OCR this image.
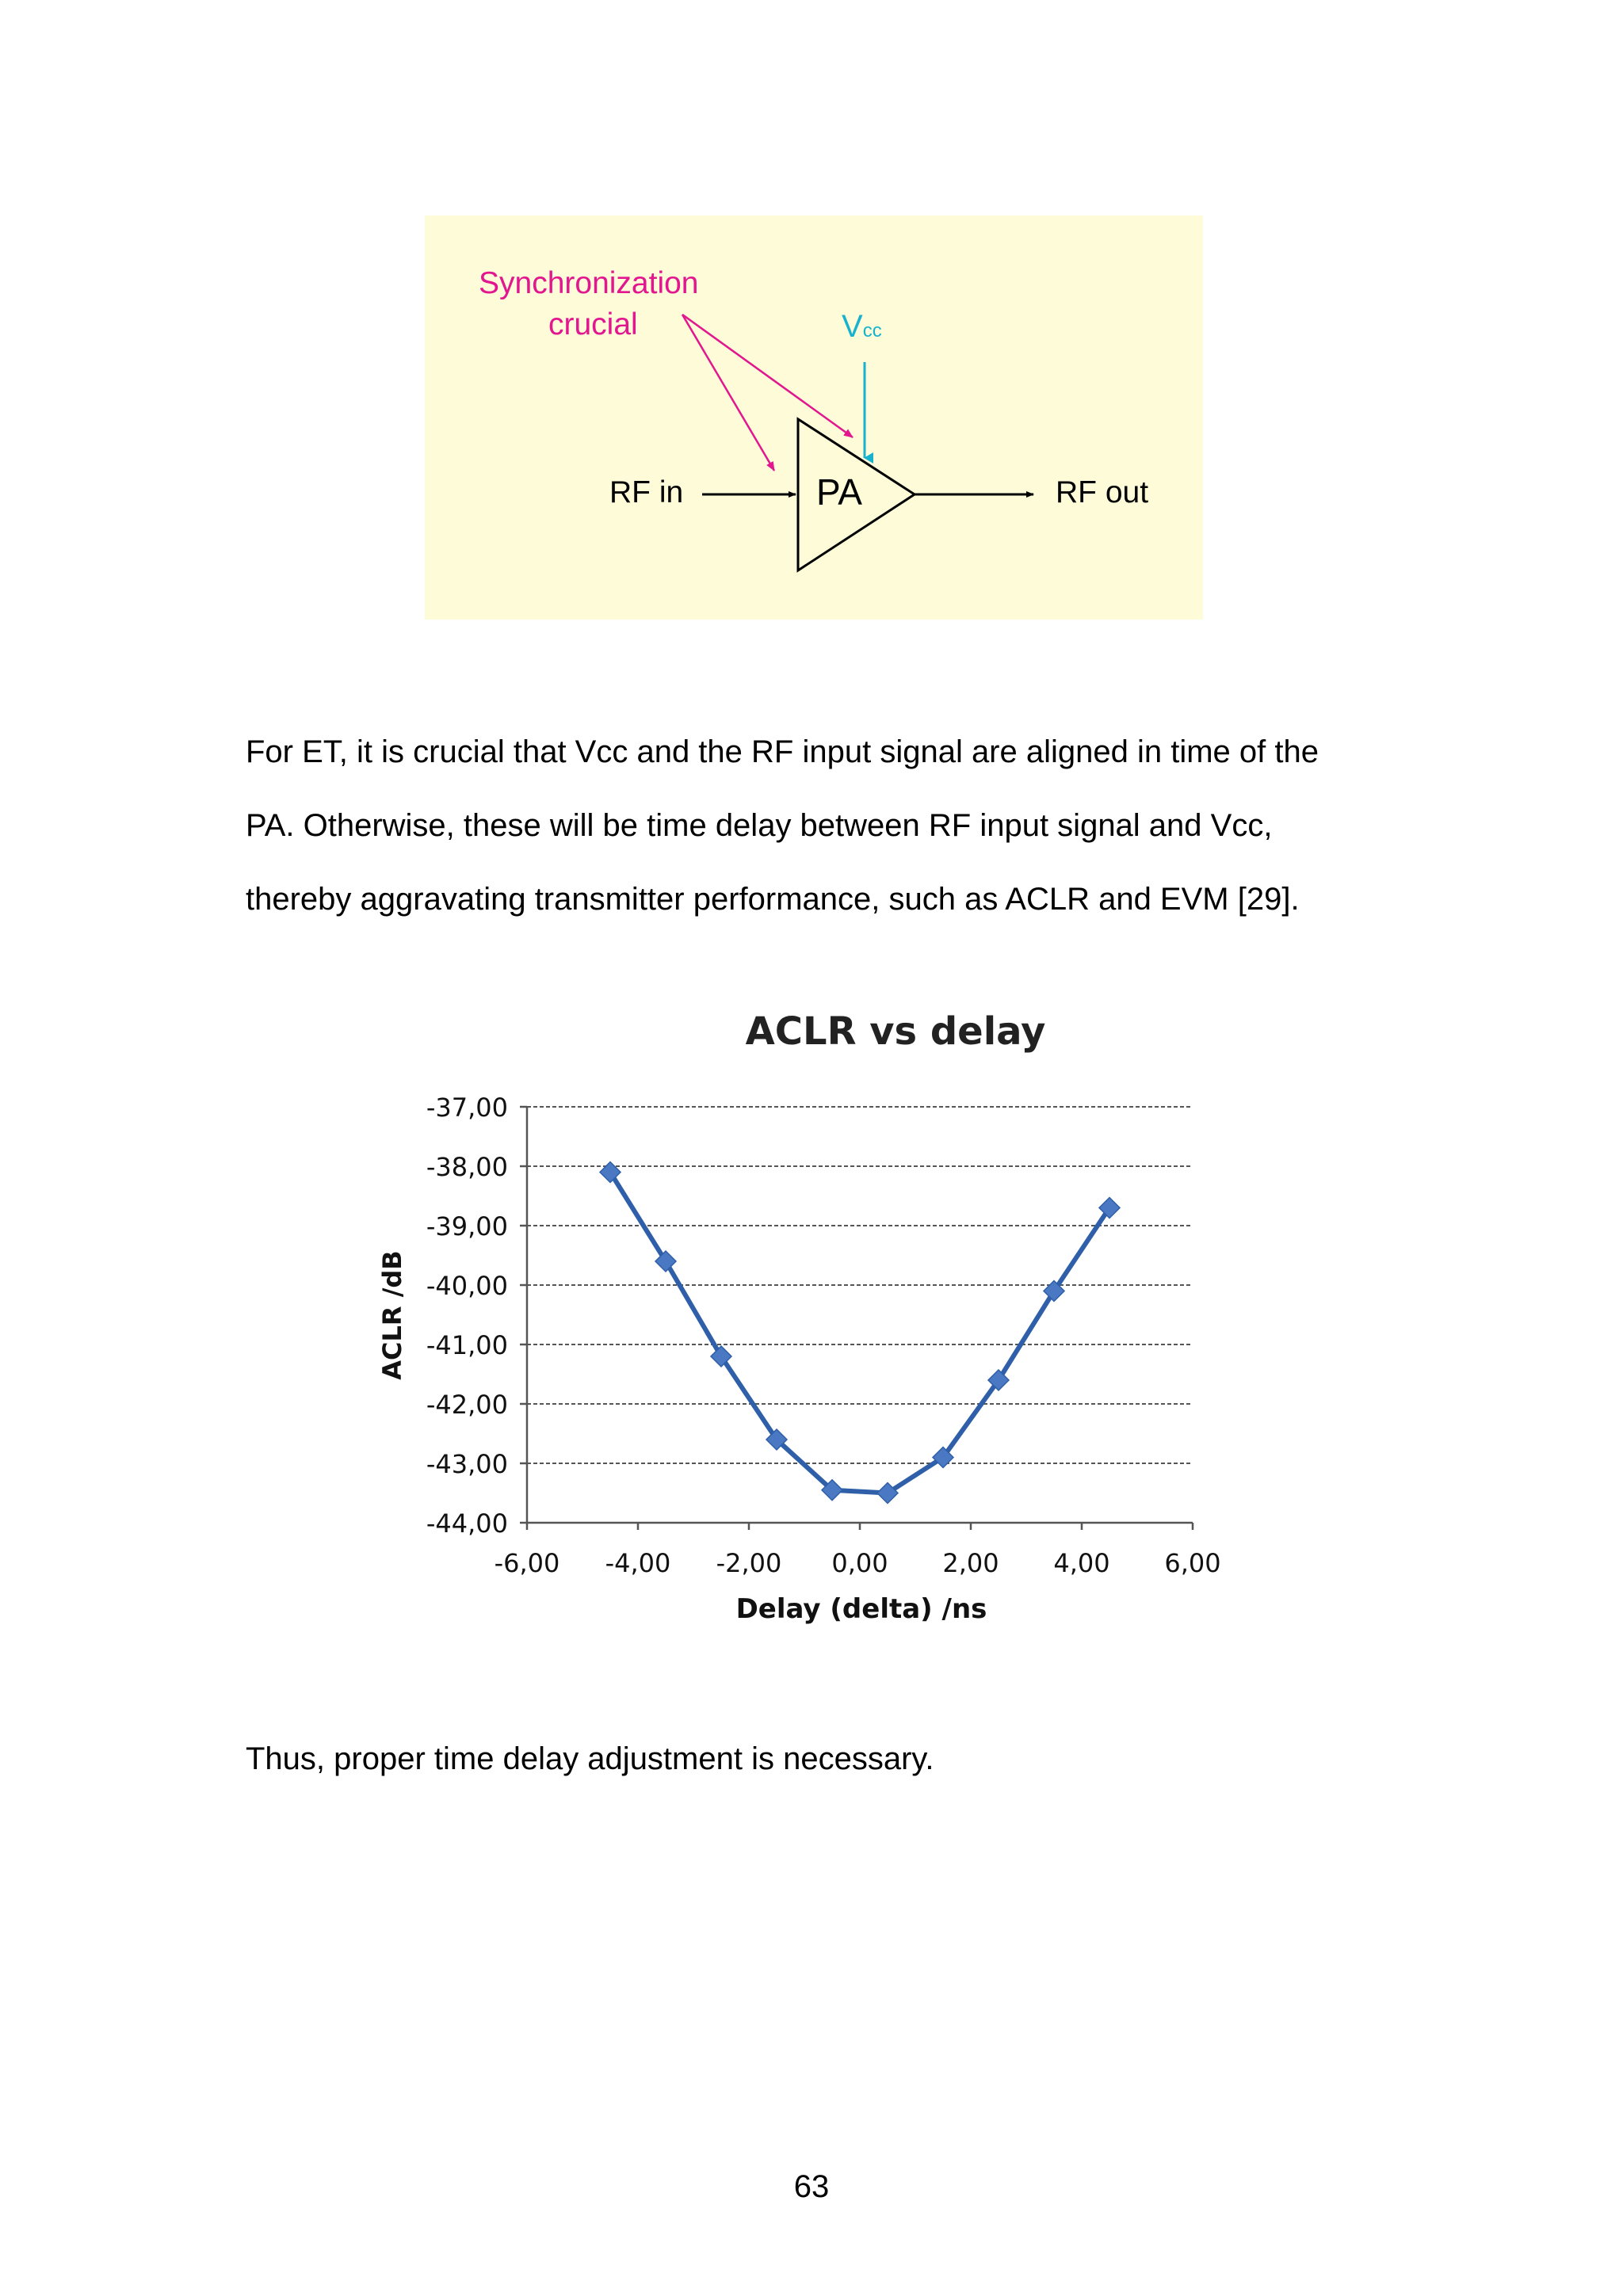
Synchronization
crucial	Vcc
PA
RF in	RF out
For ET, it is crucial that Vcc and the RF input signal are aligned in time of the
PA. Otherwise, these will be time delay between RF input signal and Vcc,
thereby aggravating transmitter performance, such as ACLR and EVM [29].
ACLR vs delay
ACLR /dB
Delay (delta) /ns
-37,00
-38,00
-39,00
-40,00
-41,00
-42,00
-43,00
-44,00
-6,00 -4,00 -2,00 0,00 2,00 4,00 6,00
Thus, proper time delay adjustment is necessary.
63
